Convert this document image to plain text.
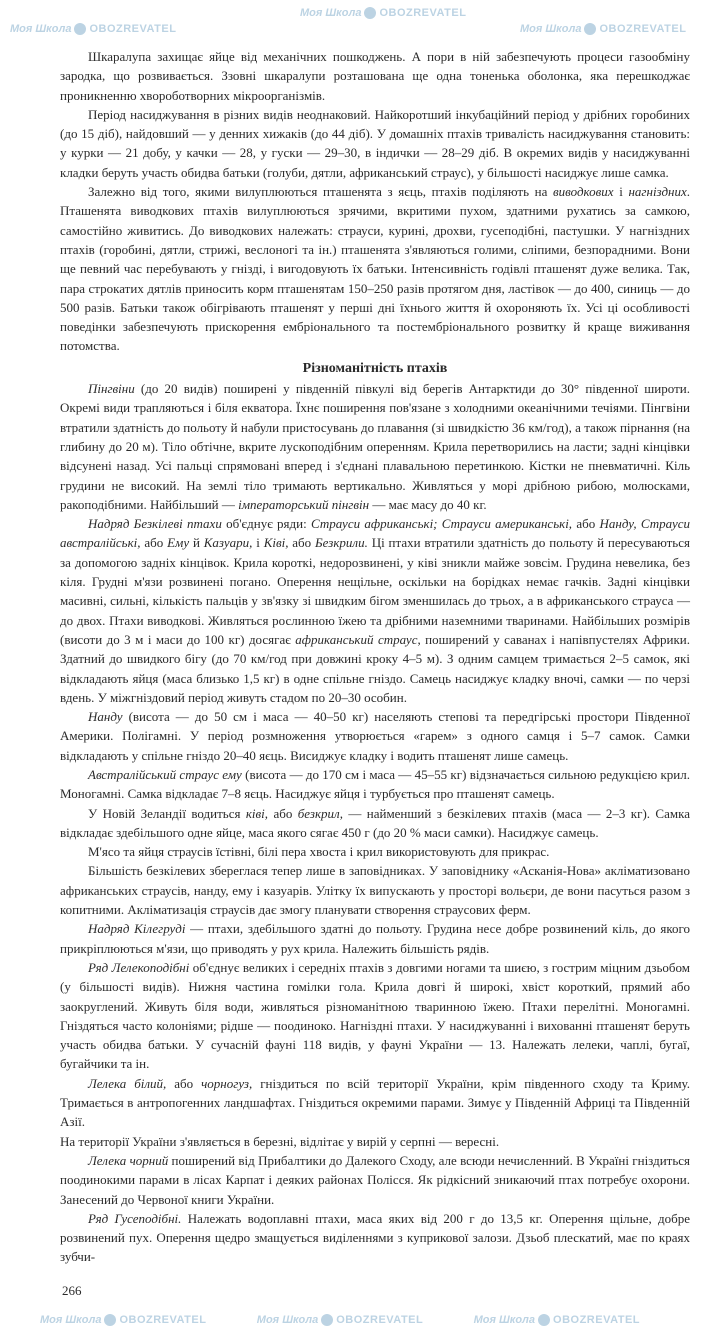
Моя Школа OBOZREVATEL
Моя Школа OBOZREVATEL
Моя Школа OBOZREVATEL

Шкаралупа захищає яйце від механічних пошкоджень. А пори в ній забезпечують процеси газообміну зародка, що розвивається. Ззовні шкаралупи розташована ще одна тоненька оболонка, яка перешкоджає проникненню хвороботворних мікроорганізмів.

Період насиджування в різних видів неоднаковий. Найкоротший інкубаційний період у дрібних горобиних (до 15 діб), найдовший — у денних хижаків (до 44 діб). У домашніх птахів тривалість насиджування становить: у курки — 21 добу, у качки — 28, у гуски — 29–30, в індички — 28–29 діб. В окремих видів у насиджуванні кладки беруть участь обидва батьки (голуби, дятли, африканський страус), у більшості насиджує лише самка.

Залежно від того, якими вилуплюються пташенята з яєць, птахів поділяють на виводкових і нагніздних. Пташенята виводкових птахів вилуплюються зрячими, вкритими пухом, здатними рухатись за самкою, самостійно живитись. До виводкових належать: страуси, курині, дрохви, гусеподібні, пастушки. У нагніздних птахів (горобині, дятли, стрижі, веслоногі та ін.) пташенята з'являються голими, сліпими, безпорадними. Вони ще певний час перебувають у гнізді, і вигодовують їх батьки. Інтенсивність годівлі пташенят дуже велика. Так, пара строкатих дятлів приносить корм пташенятам 150–250 разів протягом дня, ластівок — до 400, синиць — до 500 разів. Батьки також обігрівають пташенят у перші дні їхнього життя й охороняють їх. Усі ці особливості поведінки забезпечують прискорення ембріонального та постембріонального розвитку й краще виживання потомства.

Різноманітність птахів

Пінгвіни (до 20 видів) поширені у південній півкулі від берегів Антарктиди до 30° південної широти. Окремі види трапляються і біля екватора. Їхнє поширення пов'язане з холодними океанічними течіями. Пінгвіни втратили здатність до польоту й набули пристосувань до плавання (зі швидкістю 36 км/год), а також пірнання (на глибину до 20 м). Тіло обтічне, вкрите лускоподібним оперенням. Крила перетворились на ласти; задні кінцівки відсунені назад. Усі пальці спрямовані вперед і з'єднані плавальною перетинкою. Кістки не пневматичні. Кіль грудини не високий. На землі тіло тримають вертикально. Живляться у морі дрібною рибою, молюсками, ракоподібними. Найбільший — імператорський пінгвін — має масу до 40 кг.

Надряд Безкілеві птахи об'єднує ряди: Страуси африканські; Страуси американські, або Нанду, Страуси австралійські, або Ему й Казуари, і Ківі, або Безкрили. Ці птахи втратили здатність до польоту й пересуваються за допомогою задніх кінцівок. Крила короткі, недорозвинені, у ківі зникли майже зовсім. Грудина невелика, без кіля. Грудні м'язи розвинені погано. Оперення нещільне, оскільки на борідках немає гачків. Задні кінцівки масивні, сильні, кількість пальців у зв'язку зі швидким бігом зменшилась до трьох, а в африканського страуса — до двох. Птахи виводкові. Живляться рослинною їжею та дрібними наземними тваринами. Найбільших розмірів (висоти до 3 м і маси до 100 кг) досягає африканський страус, поширений у саванах і напівпустелях Африки. Здатний до швидкого бігу (до 70 км/год при довжині кроку 4–5 м). З одним самцем тримається 2–5 самок, які відкладають яйця (маса близько 1,5 кг) в одне спільне гніздо. Самець насиджує кладку вночі, самки — по черзі вдень. У міжгніздовий період живуть стадом по 20–30 особин.

Нанду (висота — до 50 см і маса — 40–50 кг) населяють степові та передгірські простори Південної Америки. Полігамні. У період розмноження утворюється «гарем» з одного самця і 5–7 самок. Самки відкладають у спільне гніздо 20–40 яєць. Висиджує кладку і водить пташенят лише самець.

Австралійський страус ему (висота — до 170 см і маса — 45–55 кг) відзначається сильною редукцією крил. Моногамні. Самка відкладає 7–8 яєць. Насиджує яйця і турбується про пташенят самець.

У Новій Зеландії водиться ківі, або безкрил, — найменший з безкілевих птахів (маса — 2–3 кг). Самка відкладає здебільшого одне яйце, маса якого сягає 450 г (до 20 % маси самки). Насиджує самець.

М'ясо та яйця страусів їстівні, білі пера хвоста і крил використовують для прикрас.

Більшість безкілевих збереглася тепер лише в заповідниках. У заповіднику «Асканія-Нова» акліматизовано африканських страусів, нанду, ему і казуарів. Улітку їх випускають у просторі вольєри, де вони пасуться разом з копитними. Акліматизація страусів дає змогу планувати створення страусових ферм.

Надряд Кілегруді — птахи, здебільшого здатні до польоту. Грудина несе добре розвинений кіль, до якого прикріплюються м'язи, що приводять у рух крила. Належить більшість рядів.

Ряд Лелекоподібні об'єднує великих і середніх птахів з довгими ногами та шиєю, з гострим міцним дзьобом (у більшості видів). Нижня частина гомілки гола. Крила довгі й широкі, хвіст короткий, прямий або заокруглений. Живуть біля води, живляться різноманітною тваринною їжею. Птахи перелітні. Моногамні. Гніздяться часто колоніями; рідше — поодиноко. Нагніздні птахи. У насиджуванні і вихованні пташенят беруть участь обидва батьки. У сучасній фауні 118 видів, у фауні України — 13. Належать лелеки, чаплі, бугаї, бугайчики та ін.

Лелека білий, або чорногуз, гніздиться по всій території України, крім південного сходу та Криму. Тримається в антропогенних ландшафтах. Гніздиться окремими парами. Зимує у Південній Африці та Південній Азії.

На території України з'являється в березні, відлітає у вирій у серпні — вересні.

Лелека чорний поширений від Прибалтики до Далекого Сходу, але всюди нечисленний. В Україні гніздиться поодинокими парами в лісах Карпат і деяких районах Полісся. Як рідкісний зникаючий птах потребує охорони. Занесений до Червоної книги України.

Ряд Гусеподібні. Належать водоплавні птахи, маса яких від 200 г до 13,5 кг. Оперення щільне, добре розвинений пух. Оперення щедро змащується виділеннями з куприкової залози. Дзьоб плескатий, має по краях зубчи-

266
Моя Школа OBOZREVATEL	Моя Школа OBOZREVATEL	Моя Школа OBOZREVATEL
